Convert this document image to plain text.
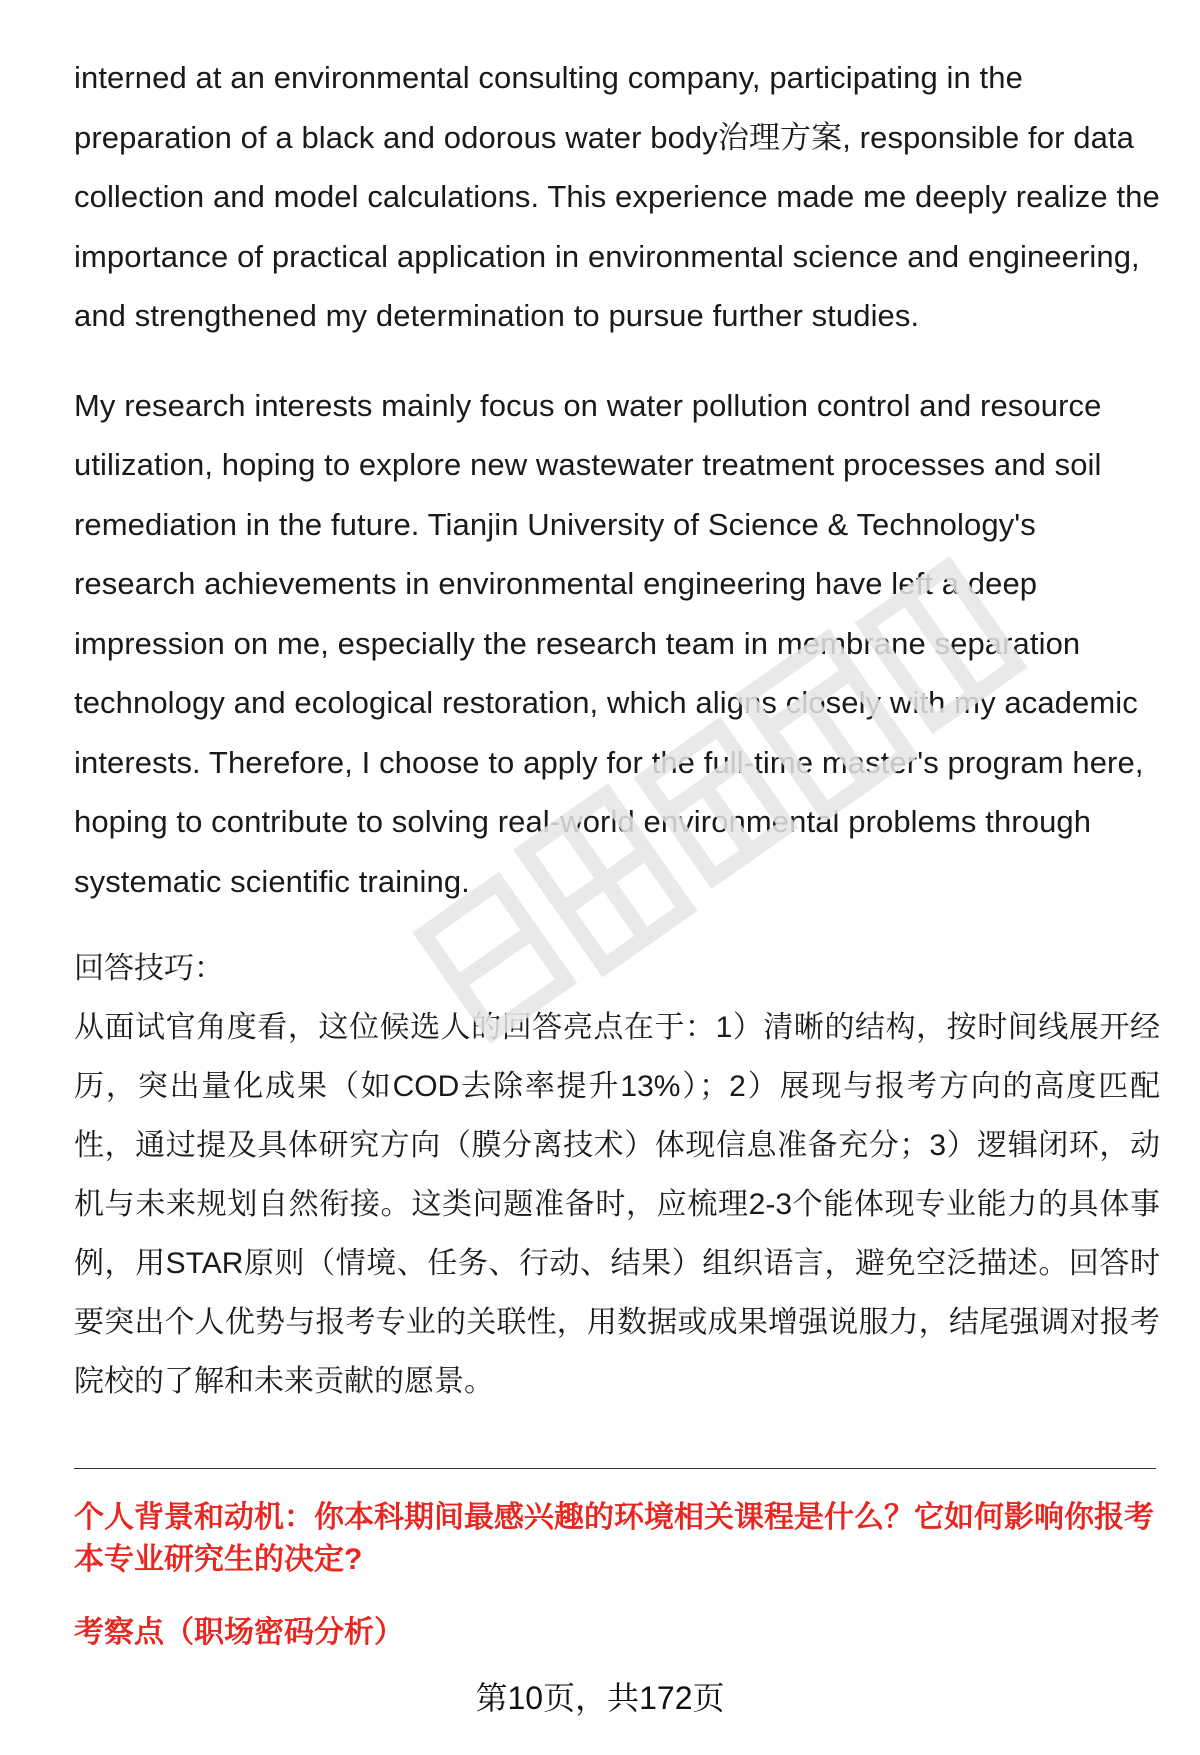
interned at an environmental consulting company, participating in the preparation of a black and odorous water body治理方案, responsible for data collection and model calculations. This experience made me deeply realize the importance of practical application in environmental science and engineering, and strengthened my determination to pursue further studies.

My research interests mainly focus on water pollution control and resource utilization, hoping to explore new wastewater treatment processes and soil remediation in the future. Tianjin University of Science & Technology's research achievements in environmental engineering have left a deep impression on me, especially the research team in membrane separation technology and ecological restoration, which aligns closely with my academic interests. Therefore, I choose to apply for the full-time master's program here, hoping to contribute to solving real-world environmental problems through systematic scientific training.

回答技巧：

从面试官角度看，这位候选人的回答亮点在于：1）清晰的结构，按时间线展开经历，突出量化成果（如COD去除率提升13%）；2）展现与报考方向的高度匹配性，通过提及具体研究方向（膜分离技术）体现信息准备充分；3）逻辑闭环，动机与未来规划自然衔接。这类问题准备时，应梳理2-3个能体现专业能力的具体事例，用STAR原则（情境、任务、行动、结果）组织语言，避免空泛描述。回答时要突出个人优势与报考专业的关联性，用数据或成果增强说服力，结尾强调对报考院校的了解和未来贡献的愿景。

个人背景和动机：你本科期间最感兴趣的环境相关课程是什么？它如何影响你报考本专业研究生的决定?

考察点（职场密码分析）

第10页，共172页
